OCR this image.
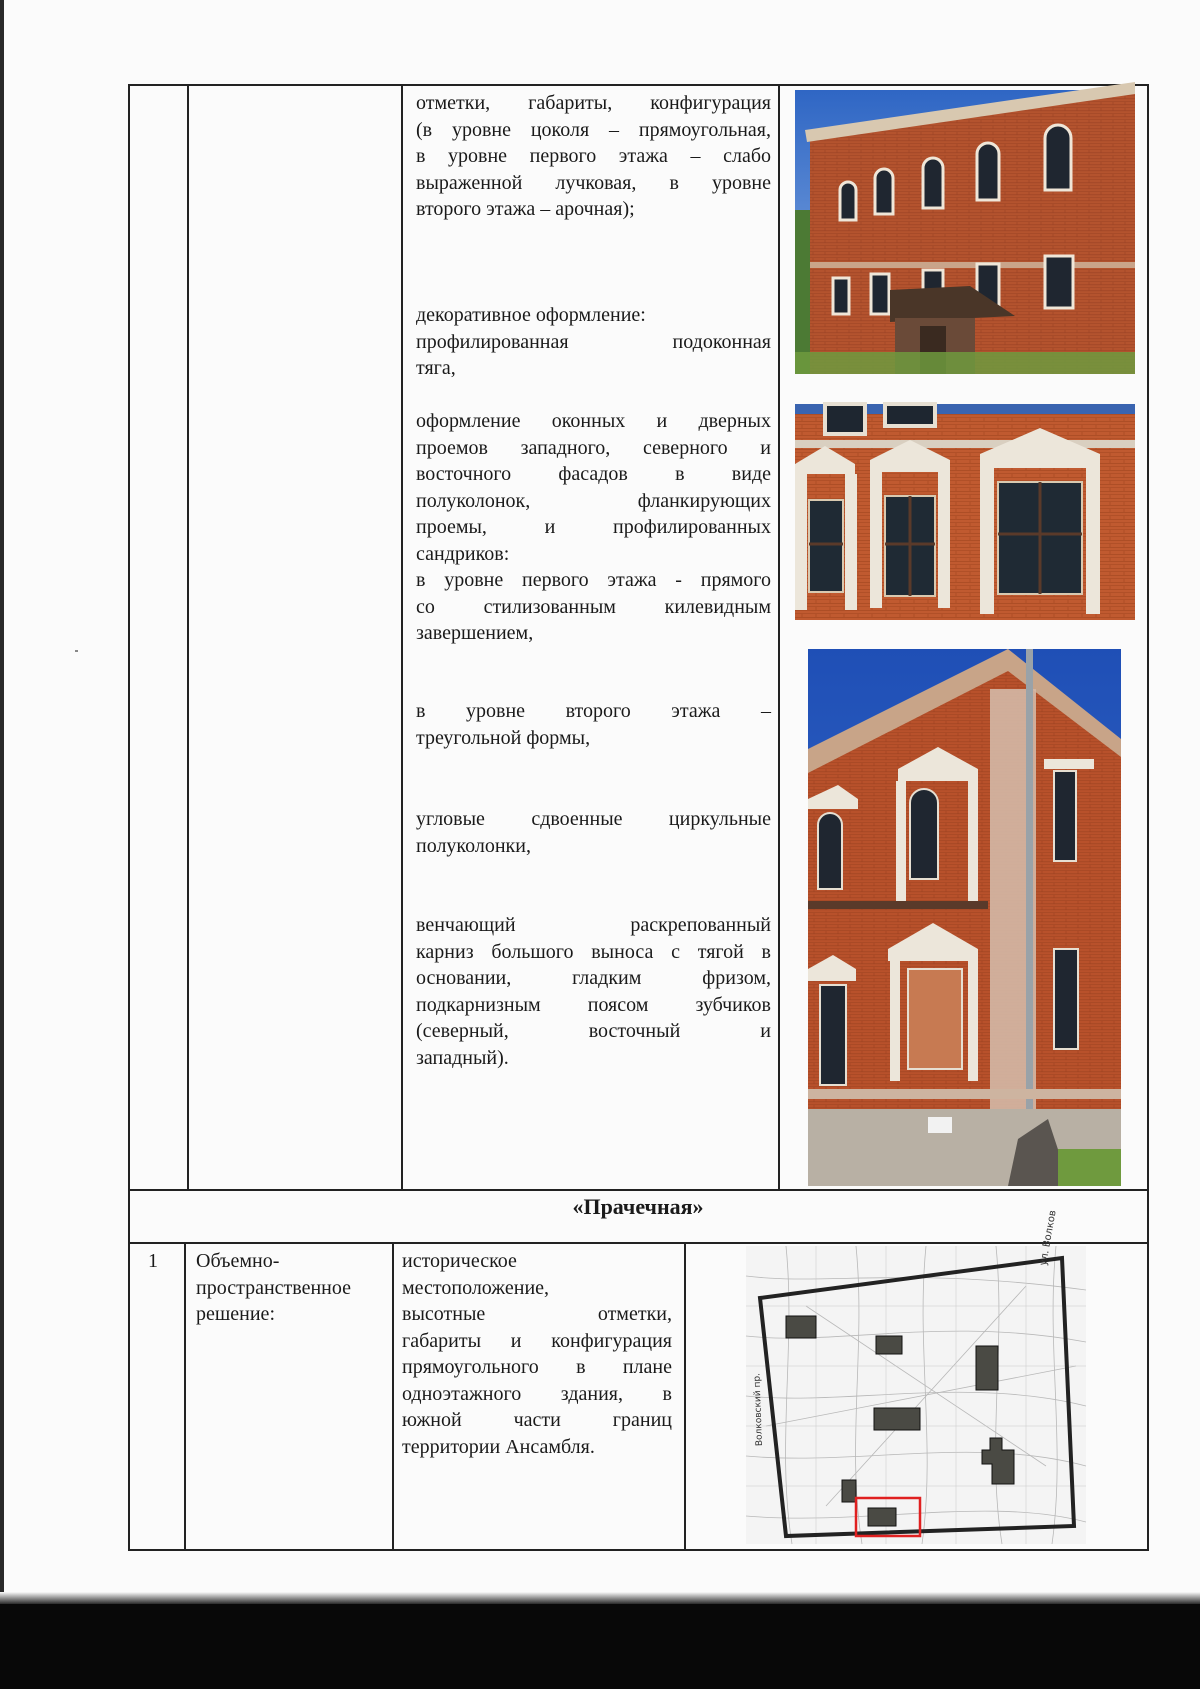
отметки, габариты, конфигурация
(в уровне цоколя – прямоугольная,
в уровне первого этажа – слабо
выраженной лучковая, в уровне
второго этажа – арочная);
декоративное оформление:
профилированная подоконная
тяга,
оформление оконных и дверных
проемов западного, северного и
восточного фасадов в виде
полуколонок, фланкирующих
проемы, и профилированных
сандриков:
в уровне первого этажа - прямого
со стилизованным килевидным
завершением,
в уровне второго этажа –
треугольной формы,
угловые сдвоенные циркульные
полуколонки,
венчающий раскрепованный
карниз большого выноса с тягой в
основании, гладким фризом,
подкарнизным поясом зубчиков
(северный, восточный и
западный).
«Прачечная»
1 Объемно-
пространственное
решение:
историческое
местоположение,
высотные отметки,
габариты и конфигурация
прямоугольного в плане
одноэтажного здания, в
южной части границ
территории Ансамбля.
ул. Волков
Волковский пр.
